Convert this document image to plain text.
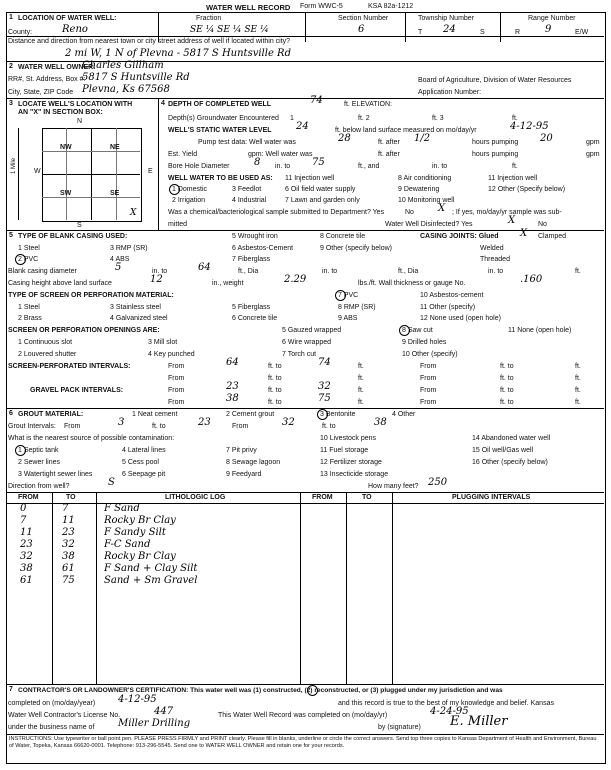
WATER WELL RECORD Form WWC-5	KSA 82a-1212
1 LOCATION OF WATER WELL:
County:	Reno
Fraction
SE ¼ SE ¼ SE ¼
Section Number
6
Township Number
T 24	S
Range Number
R 9	E/W
Distance and direction from nearest town or city street address of well if located within city?
2 mi W, 1 N of Plevna - 5817 S Huntsville Rd
2 WATER WELL OWNER:
Charles Gillham
RR#, St. Address, Box #:
5817 S Huntsville Rd
City, State, ZIP Code Plevna, Ks 67568
Board of Agriculture, Division of Water Resources
Application Number:
3 LOCATE WELL'S LOCATION WITH
AN "X" IN SECTION BOX:
N
S
W	E
1 Mile
NW	NE
SW	SE
X
4 DEPTH OF COMPLETED WELL	74	ft. ELEVATION:
Depth(s) Groundwater Encountered 1	ft. 2	ft. 3	ft.
WELL'S STATIC WATER LEVEL 24	ft. below land surface measured on mo/day/yr	4-12-95
Pump test data: Well water was	28	ft. after 1/2	hours pumping 20	gpm
Est. Yield	gpm: Well water was	ft. after	hours pumping	gpm
Bore Hole Diameter 8 in. to 75	ft., and	in. to	ft.
WELL WATER TO BE USED AS: 11 Injection well	8 Air conditioning	11 Injection well
1 Domestic	3 Feedlot	6 Oil field water supply	9 Dewatering	12 Other (Specify below)
2 Irrigation	4 Industrial	7 Lawn and garden only	10 Monitoring well
Was a chemical/bacteriological sample submitted to Department? Yes	No X ; If yes, mo/day/yr sample was sub-
mitted	Water Well Disinfected? Yes	X	No
5 TYPE OF BLANK CASING USED:	5 Wrought iron	8 Concrete tile	CASING JOINTS: Glued X Clamped
1 Steel	3 RMP (SR)	6 Asbestos-Cement	9 Other (specify below)	Welded
2 PVC	4 ABS	7 Fiberglass	Threaded
Blank casing diameter	5	in. to	64	ft., Dia	in. to	ft., Dia	in. to	ft.
Casing height above land surface	12	in., weight	2.29	lbs./ft. Wall thickness or gauge No.	.160
TYPE OF SCREEN OR PERFORATION MATERIAL:	7 PVC	10 Asbestos-cement
1 Steel	3 Stainless steel	5 Fiberglass	8 RMP (SR)	11 Other (specify)
2 Brass	4 Galvanized steel	6 Concrete tile	9 ABS	12 None used (open hole)
SCREEN OR PERFORATION OPENINGS ARE:	5 Gauzed wrapped	8 Saw cut	11 None (open hole)
1 Continuous slot	3 Mill slot	6 Wire wrapped	9 Drilled holes
2 Louvered shutter	4 Key punched	7 Torch cut	10 Other (specify)
SCREEN-PERFORATED INTERVALS:	From	64	ft. to	74	ft.	From	ft. to	ft.
From	ft. to	ft.	From	ft. to	ft.
GRAVEL PACK INTERVALS:	From	23	ft. to	32	ft.	From	ft. to	ft.
From	38	ft. to	75	ft.	From	ft. to	ft.
6 GROUT MATERIAL:	1 Neat cement	2 Cement grout	3 Bentonite	4 Other
Grout Intervals: From	3	ft. to	23	From	32	ft. to	38
What is the nearest source of possible contamination:
1 Septic tank	4 Lateral lines	7 Pit privy
10 Livestock pens	14 Abandoned water well
2 Sewer lines	5 Cess pool	8 Sewage lagoon
11 Fuel storage	15 Oil well/Gas well
3 Watertight sewer lines	6 Seepage pit	9 Feedyard
12 Fertilizer storage	16 Other (specify below)
13 Insecticide storage
Direction from well?	S	How many feet? 250
FROM	TO	LITHOLOGIC LOG	FROM	TO	PLUGGING INTERVALS
0	7	F Sand
7	11	Rocky Br Clay
11	23	F Sandy Silt
23	32	F-C Sand
32	38	Rocky Br Clay
38	61	F Sand + Clay Silt
61	75	Sand + Sm Gravel
7 CONTRACTOR'S OR LANDOWNER'S CERTIFICATION: This water well was (1) constructed, (2) reconstructed, or (3) plugged under my jurisdiction and was
completed on (mo/day/year) 4-12-95	and this record is true to the best of my knowledge and belief. Kansas
Water Well Contractor's License No.	447	This Water Well Record was completed on (mo/day/yr)	4-24-95
under the business name of Miller Drilling	by (signature) E. Miller
INSTRUCTIONS: Use typewriter or ball point pen. PLEASE PRESS FIRMLY and PRINT clearly. Please fill in blanks, underline or circle the correct answers. Send top three copies to Kansas Department of Health and Environment, Bureau of Water, Topeka, Kansas 66620-0001. Telephone: 913-296-5545. Send one to WATER WELL OWNER and retain one for your records.
